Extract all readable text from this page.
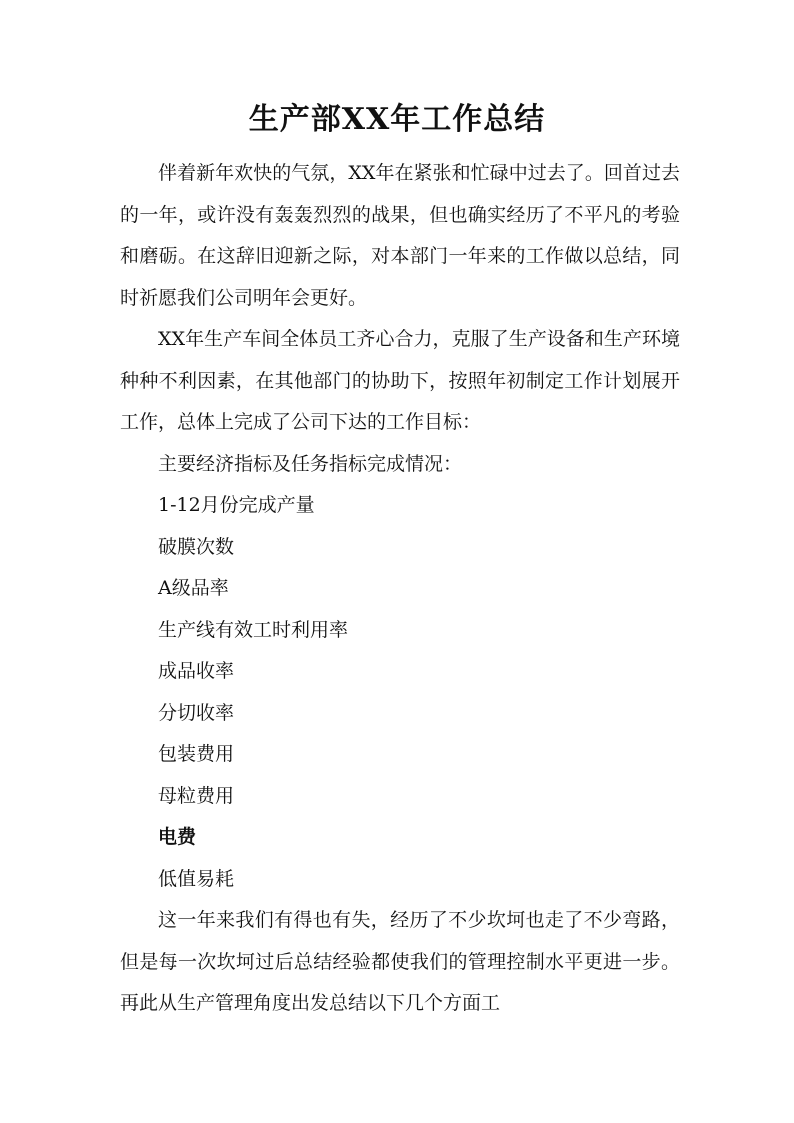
生产部XX年工作总结

伴着新年欢快的气氛，XX年在紧张和忙碌中过去了。回首过去的一年，或许没有轰轰烈烈的战果，但也确实经历了不平凡的考验和磨砺。在这辞旧迎新之际，对本部门一年来的工作做以总结，同时祈愿我们公司明年会更好。

XX年生产车间全体员工齐心合力，克服了生产设备和生产环境种种不利因素，在其他部门的协助下，按照年初制定工作计划展开工作，总体上完成了公司下达的工作目标：

主要经济指标及任务指标完成情况：

1-12月份完成产量

破膜次数

A级品率

生产线有效工时利用率

成品收率

分切收率

包装费用

母粒费用

电费

低值易耗

这一年来我们有得也有失，经历了不少坎坷也走了不少弯路，但是每一次坎坷过后总结经验都使我们的管理控制水平更进一步。再此从生产管理角度出发总结以下几个方面工
